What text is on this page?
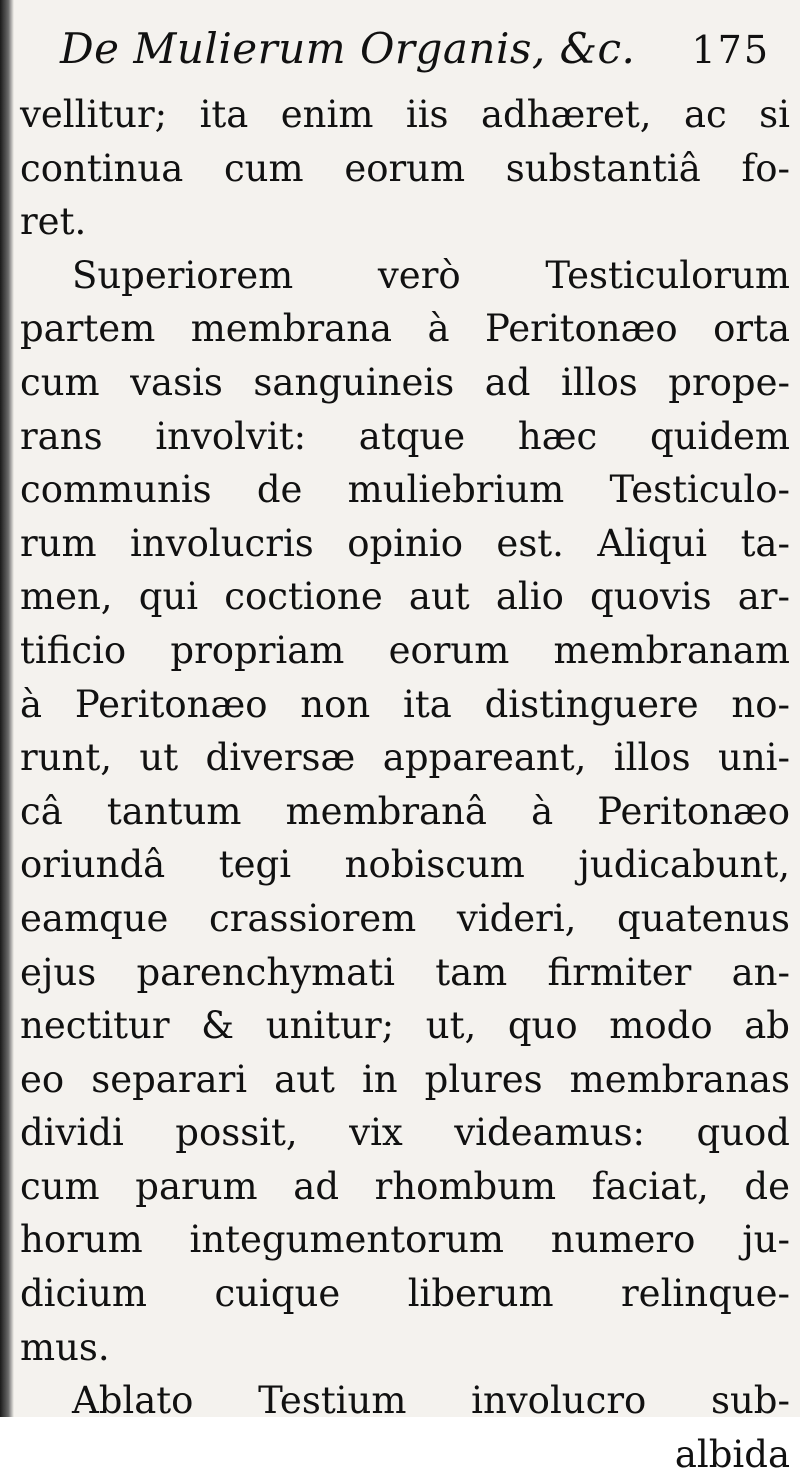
De Mulierum Organis, &c. 175
vellitur; ita enim iis adhæret, ac si
continua cum eorum substantiâ fo-
ret.
Superiorem verò Testiculorum
partem membrana à Peritonæo orta
cum vasis sanguineis ad illos prope-
rans involvit: atque hæc quidem
communis de muliebrium Testiculo-
rum involucris opinio est. Aliqui ta-
men, qui coctione aut alio quovis ar-
tificio propriam eorum membranam
à Peritonæo non ita distinguere no-
runt, ut diversæ appareant, illos uni-
câ tantum membranâ à Peritonæo
oriundâ tegi nobiscum judicabunt,
eamque crassiorem videri, quatenus
ejus parenchymati tam firmiter an-
nectitur & unitur; ut, quo modo ab
eo separari aut in plures membranas
dividi possit, vix videamus: quod
cum parum ad rhombum faciat, de
horum integumentorum numero ju-
dicium cuique liberum relinque-
mus.
Ablato Testium involucro sub-
albida
